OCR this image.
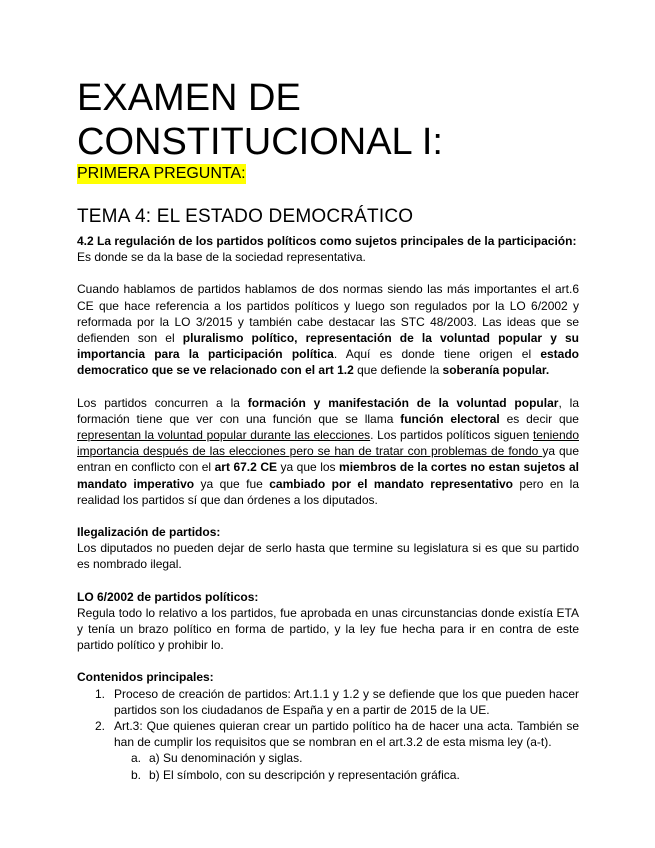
EXAMEN DE CONSTITUCIONAL I:
PRIMERA PREGUNTA:
TEMA 4: EL ESTADO DEMOCRÁTICO

4.2 La regulación de los partidos políticos como sujetos principales de la participación:

Es donde se da la base de la sociedad representativa.

Cuando hablamos de partidos hablamos de dos normas siendo las más importantes el art.6 CE que hace referencia a los partidos políticos y luego son regulados por la LO 6/2002 y reformada por la LO 3/2015 y también cabe destacar las STC 48/2003. Las ideas que se defienden son el pluralismo político, representación de la voluntad popular y su importancia para la participación política. Aquí es donde tiene origen el estado democratico que se ve relacionado con el art 1.2 que defiende la soberanía popular.

Los partidos concurren a la formación y manifestación de la voluntad popular, la formación tiene que ver con una función que se llama función electoral es decir que representan la voluntad popular durante las elecciones. Los partidos políticos siguen teniendo importancia después de las elecciones pero se han de tratar con problemas de fondo ya que entran en conflicto con el art 67.2 CE ya que los miembros de la cortes no estan sujetos al mandato imperativo ya que fue cambiado por el mandato representativo pero en la realidad los partidos sí que dan órdenes a los diputados.

Ilegalización de partidos:

Los diputados no pueden dejar de serlo hasta que termine su legislatura si es que su partido es nombrado ilegal.

LO 6/2002 de partidos políticos:

Regula todo lo relativo a los partidos, fue aprobada en unas circunstancias donde existía ETA y tenía un brazo político en forma de partido, y la ley fue hecha para ir en contra de este partido político y prohibir lo.

Contenidos principales:

1. Proceso de creación de partidos: Art.1.1 y 1.2 y se defiende que los que pueden hacer partidos son los ciudadanos de España y en a partir de 2015 de la UE.
2. Art.3: Que quienes quieran crear un partido político ha de hacer una acta. También se han de cumplir los requisitos que se nombran en el art.3.2 de esta misma ley (a-t).
a. a) Su denominación y siglas.
b. b) El símbolo, con su descripción y representación gráfica.
